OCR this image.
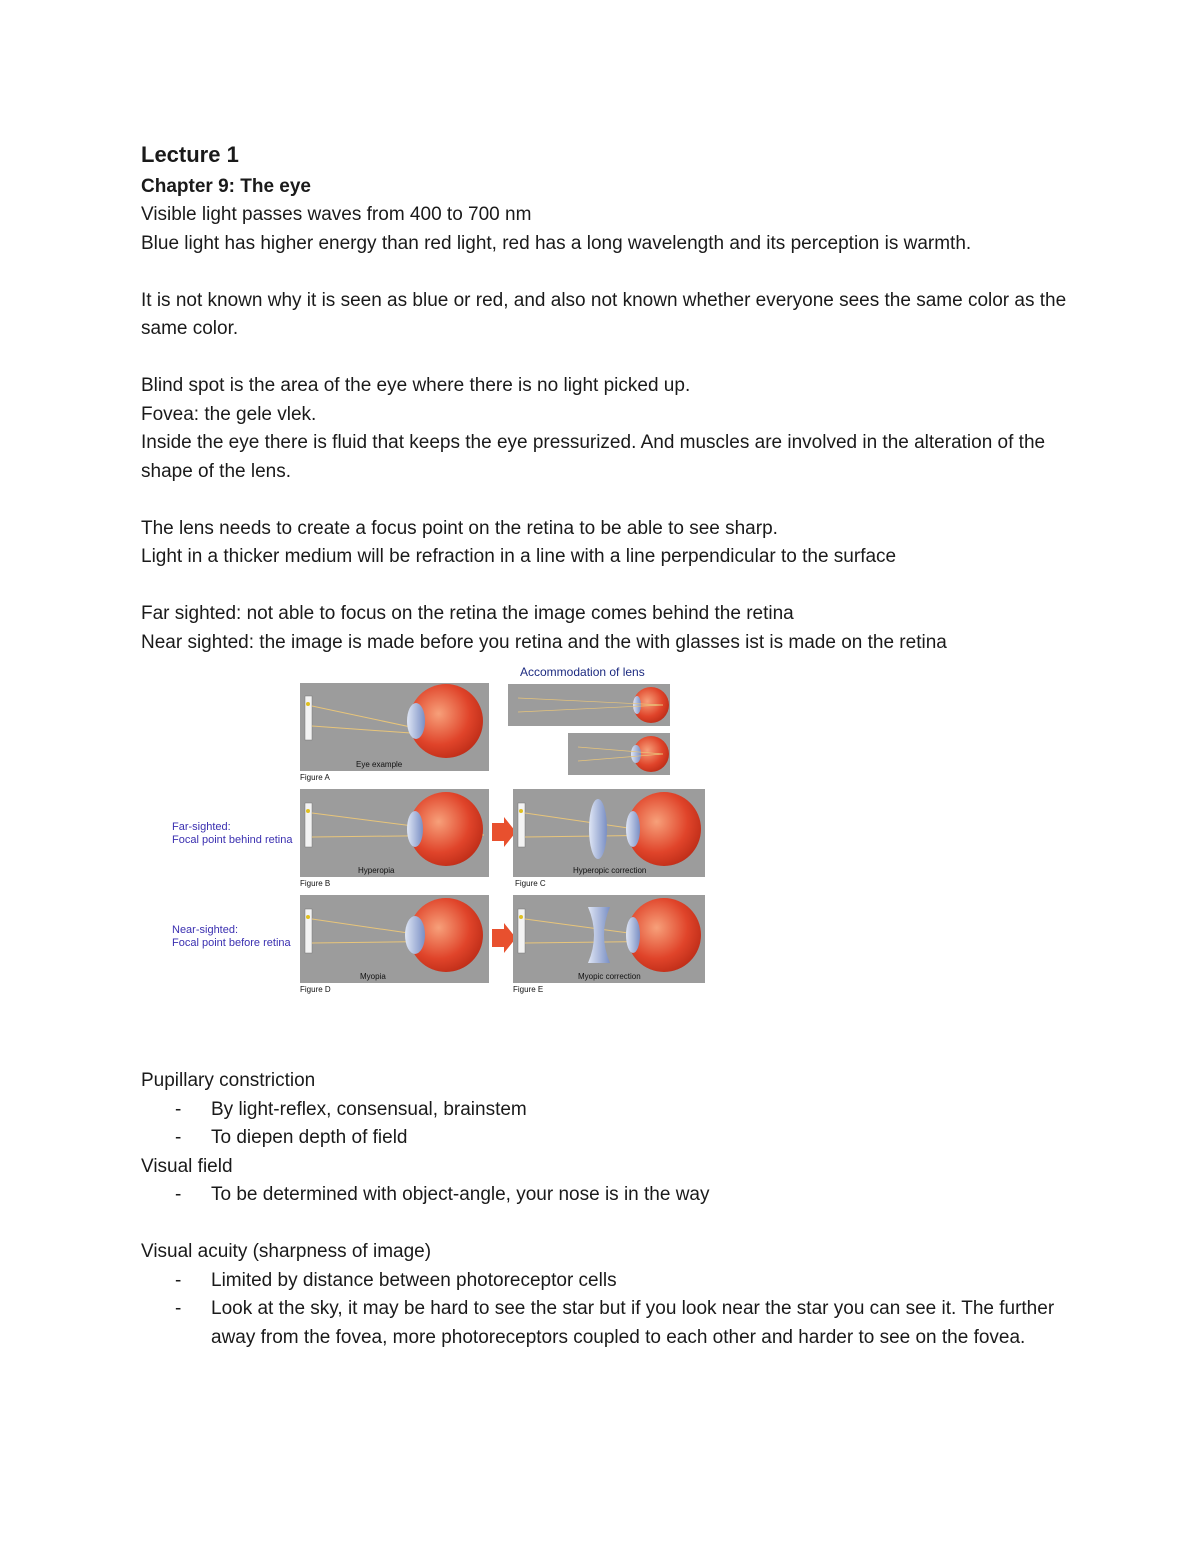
Lecture 1
Chapter 9: The eye

Visible light passes waves from 400 to 700 nm

Blue light has higher energy than red light, red has a long wavelength and its perception is warmth.

It is not known why it is seen as blue or red, and also not known whether everyone sees the same color as the same color.

Blind spot is the area of the eye where there is no light picked up.

Fovea: the gele vlek.

Inside the eye there is fluid that keeps the eye pressurized. And muscles are involved in the alteration of the shape of the lens.

The lens needs to create a focus point on the retina to be able to see sharp.

Light in a thicker medium will be refraction in a line with a line perpendicular to the surface

Far sighted: not able to focus on the retina the image comes behind the retina

Near sighted: the image is made before you retina and the with glasses ist is made on the retina

Accommodation of lens
Far-sighted:
Focal point behind retina
Near-sighted:
Focal point before retina
Eye example
Figure A
Hyperopia
Figure B
Hyperopic correction
Figure C
Myopia
Figure D
Myopic correction
Figure E

Pupillary constriction

- By light-reflex, consensual, brainstem
- To diepen depth of field

Visual field

- To be determined with object-angle, your nose is in the way

Visual acuity (sharpness of image)

- Limited by distance between photoreceptor cells
- Look at the sky, it may be hard to see the star but if you look near the star you can see it. The further away from the fovea, more photoreceptors coupled to each other and harder to see on the fovea.
